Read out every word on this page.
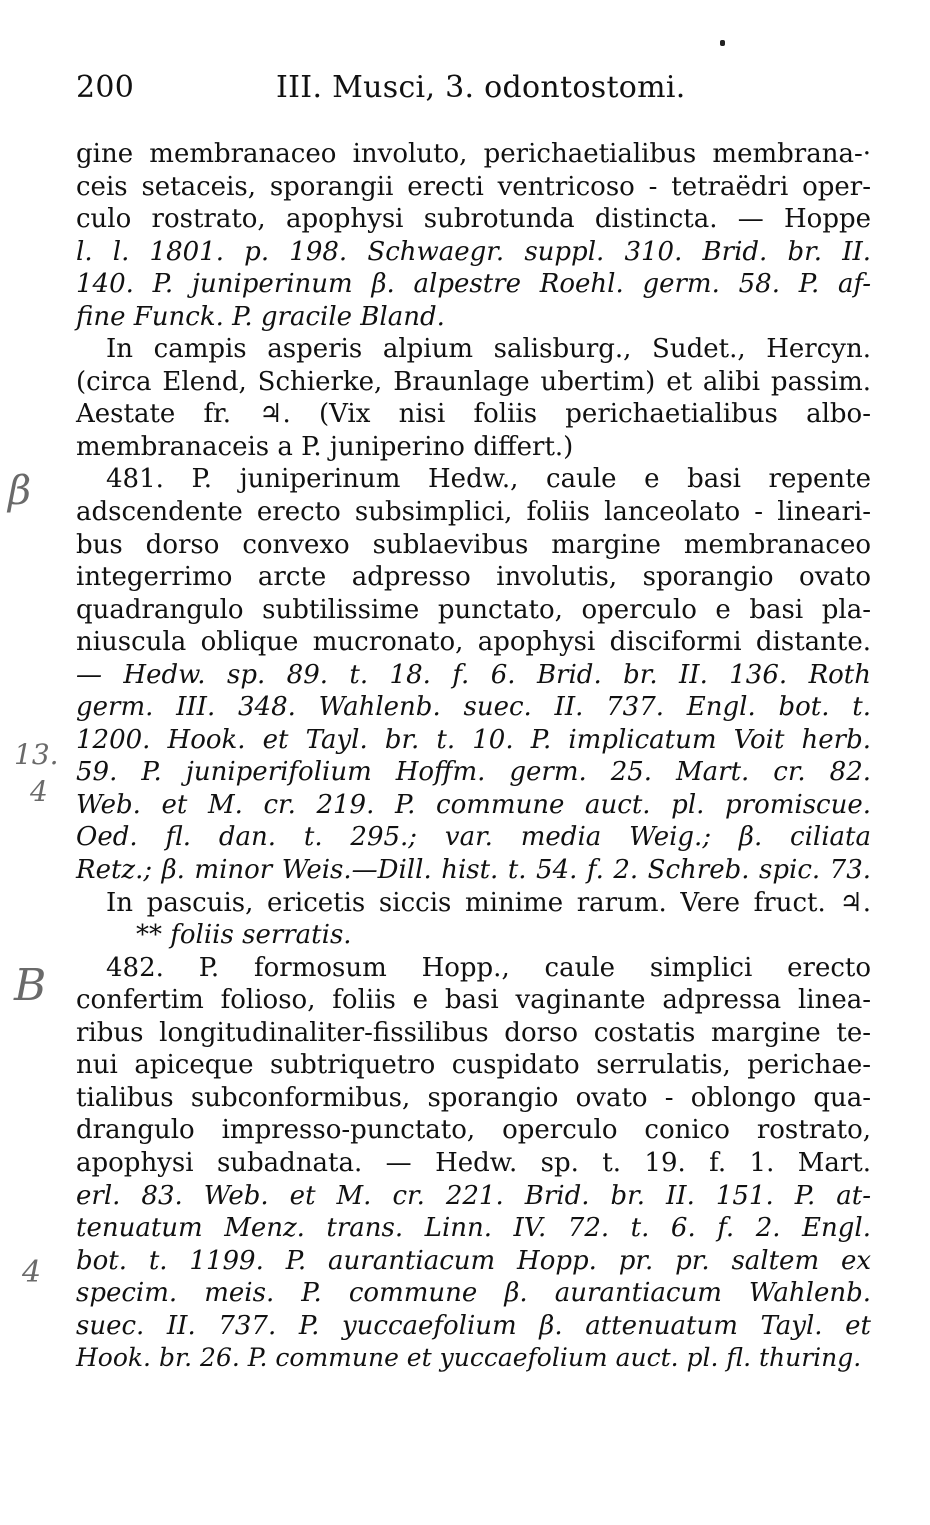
200	III. Musci, 3. odontostomi.
β
13.
4
B
4
gine membranaceo involuto, perichaetialibus membrana-·
ceis setaceis, sporangii erecti ventricoso - tetraëdri oper-
culo rostrato, apophysi subrotunda distincta. — Hoppe
l. l. 1801. p. 198. Schwaegr. suppl. 310. Brid. br. II.
140. P. juniperinum β. alpestre Roehl. germ. 58. P. af-
fine Funck. P. gracile Bland.
In campis asperis alpium salisburg., Sudet., Hercyn.
(circa Elend, Schierke, Braunlage ubertim) et alibi passim.
Aestate fr. ♃. (Vix nisi foliis perichaetialibus albo-
membranaceis a P. juniperino differt.)
481. P. juniperinum Hedw., caule e basi repente
adscendente erecto subsimplici, foliis lanceolato - lineari-
bus dorso convexo sublaevibus margine membranaceo
integerrimo arcte adpresso involutis, sporangio ovato
quadrangulo subtilissime punctato, operculo e basi pla-
niuscula oblique mucronato, apophysi disciformi distante.
— Hedw. sp. 89. t. 18. f. 6. Brid. br. II. 136. Roth
germ. III. 348. Wahlenb. suec. II. 737. Engl. bot. t.
1200. Hook. et Tayl. br. t. 10. P. implicatum Voit herb.
59. P. juniperifolium Hoffm. germ. 25. Mart. cr. 82.
Web. et M. cr. 219. P. commune auct. pl. promiscue.
Oed. fl. dan. t. 295.; var. media Weig.; β. ciliata
Retz.; β. minor Weis.—Dill. hist. t. 54. f. 2. Schreb. spic. 73.
In pascuis, ericetis siccis minime rarum. Vere fruct. ♃.
** foliis serratis.
482. P. formosum Hopp., caule simplici erecto
confertim folioso, foliis e basi vaginante adpressa linea-
ribus longitudinaliter-fissilibus dorso costatis margine te-
nui apiceque subtriquetro cuspidato serrulatis, perichae-
tialibus subconformibus, sporangio ovato - oblongo qua-
drangulo impresso-punctato, operculo conico rostrato,
apophysi subadnata. — Hedw. sp. t. 19. f. 1. Mart.
erl. 83. Web. et M. cr. 221. Brid. br. II. 151. P. at-
tenuatum Menz. trans. Linn. IV. 72. t. 6. f. 2. Engl.
bot. t. 1199. P. aurantiacum Hopp. pr. pr. saltem ex
specim. meis. P. commune β. aurantiacum Wahlenb.
suec. II. 737. P. yuccaefolium β. attenuatum Tayl. et
Hook. br. 26. P. commune et yuccaefolium auct. pl. fl. thuring.
